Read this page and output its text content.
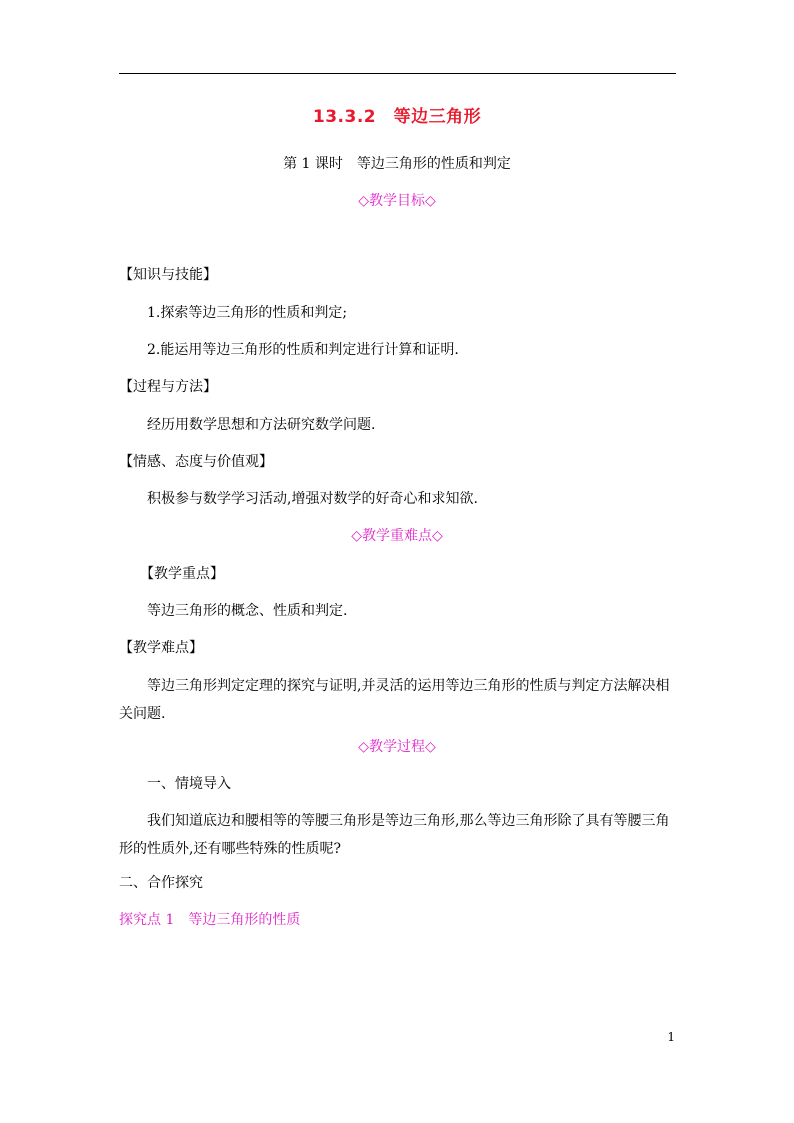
13.3.2　等边三角形
第 1 课时　等边三角形的性质和判定
◇教学目标◇
【知识与技能】
1.探索等边三角形的性质和判定;
2.能运用等边三角形的性质和判定进行计算和证明.
【过程与方法】
经历用数学思想和方法研究数学问题.
【情感、态度与价值观】
积极参与数学学习活动,增强对数学的好奇心和求知欲.
◇教学重难点◇
【教学重点】
等边三角形的概念、性质和判定.
【教学难点】
等边三角形判定定理的探究与证明,并灵活的运用等边三角形的性质与判定方法解决相关问题.
◇教学过程◇
一、情境导入
我们知道底边和腰相等的等腰三角形是等边三角形,那么等边三角形除了具有等腰三角形的性质外,还有哪些特殊的性质呢?
二、合作探究
探究点 1　等边三角形的性质
1
